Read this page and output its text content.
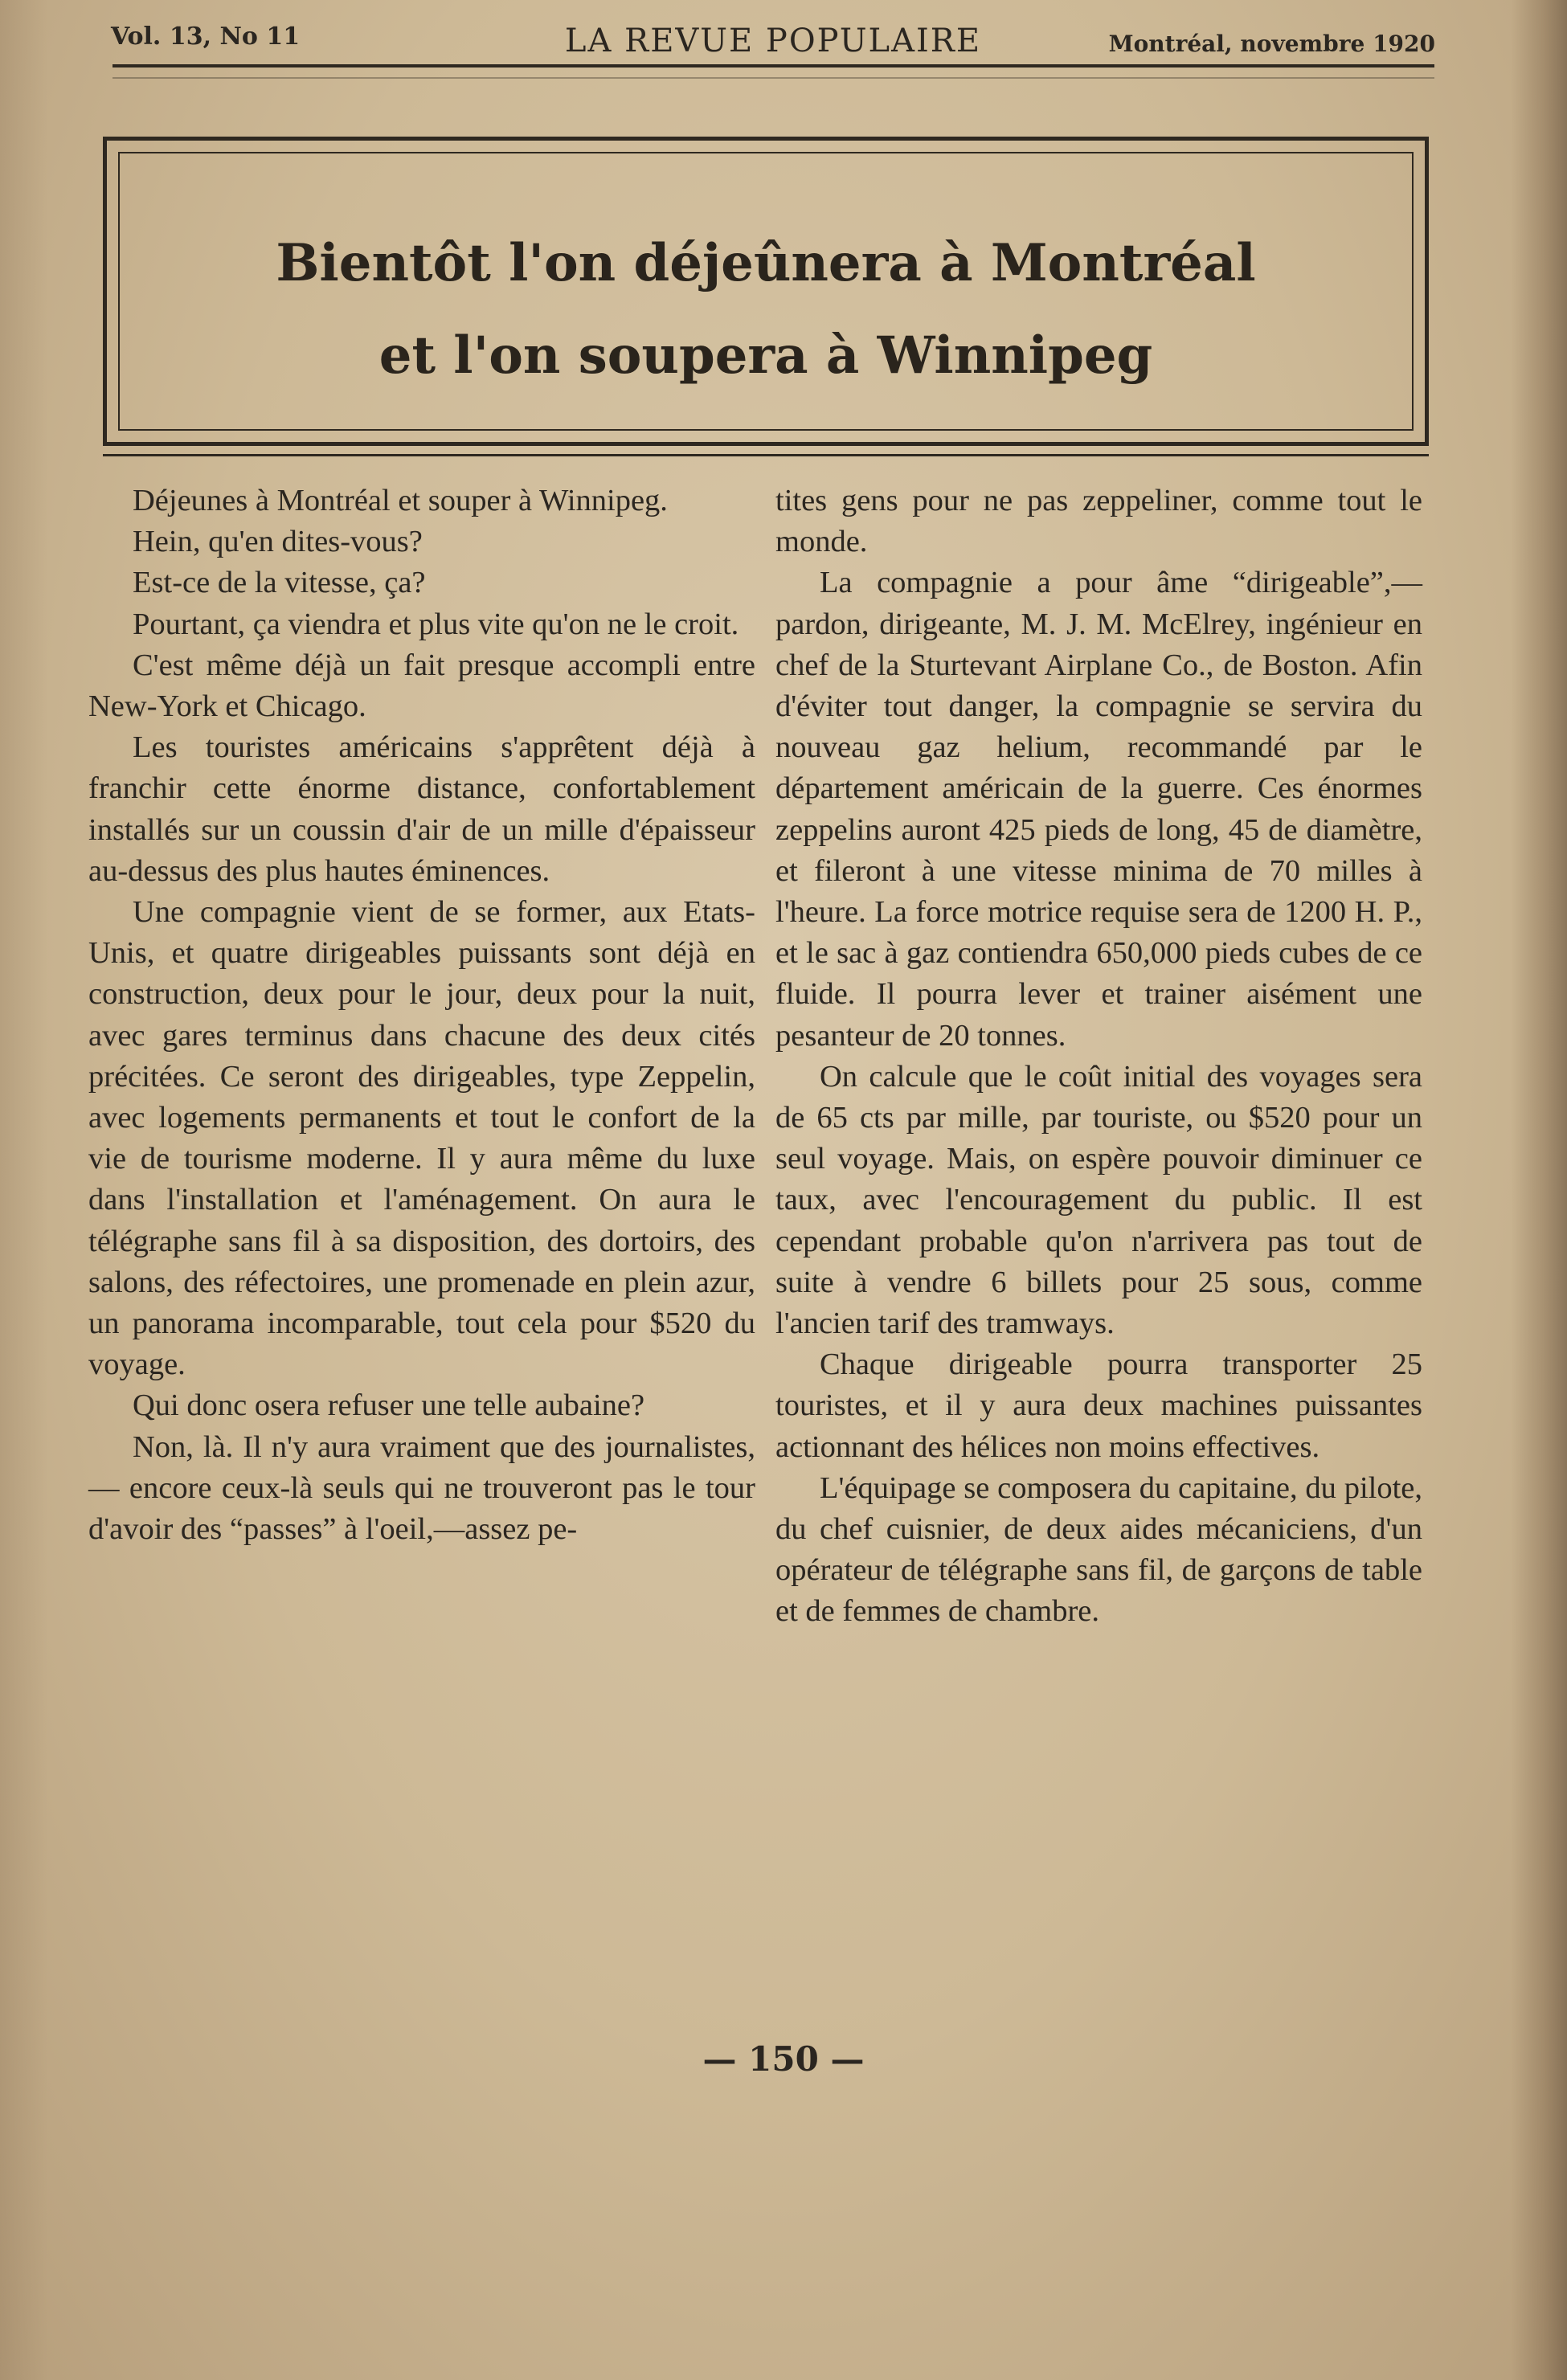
Vol. 13, No 11	LA REVUE POPULAIRE	Montréal, novembre 1920
Bientôt l'on déjeûnera à Montréal
et l'on soupera à Winnipeg

Déjeunes à Montréal et souper à Winnipeg.

Hein, qu'en dites-vous?

Est-ce de la vitesse, ça?

Pourtant, ça viendra et plus vite qu'on ne le croit.

C'est même déjà un fait presque accompli entre New-York et Chicago.

Les touristes américains s'apprêtent déjà à franchir cette énorme distance, confortablement installés sur un coussin d'air de un mille d'épaisseur au-dessus des plus hautes éminences.

Une compagnie vient de se former, aux Etats-Unis, et quatre dirigeables puissants sont déjà en construction, deux pour le jour, deux pour la nuit, avec gares terminus dans chacune des deux cités précitées. Ce seront des dirigeables, type Zeppelin, avec logements permanents et tout le confort de la vie de tourisme moderne. Il y aura même du luxe dans l'installation et l'aménagement. On aura le télégraphe sans fil à sa disposition, des dortoirs, des salons, des réfectoires, une promenade en plein azur, un panorama incomparable, tout cela pour $520 du voyage.

Qui donc osera refuser une telle aubaine?

Non, là. Il n'y aura vraiment que des journalistes, — encore ceux-là seuls qui ne trouveront pas le tour d'avoir des “passes” à l'oeil,—assez pe-

tites gens pour ne pas zeppeliner, comme tout le monde.

La compagnie a pour âme “dirigeable”,—pardon, dirigeante, M. J. M. McElrey, ingénieur en chef de la Sturtevant Airplane Co., de Boston. Afin d'éviter tout danger, la compagnie se servira du nouveau gaz helium, recommandé par le département américain de la guerre. Ces énormes zeppelins auront 425 pieds de long, 45 de diamètre, et fileront à une vitesse minima de 70 milles à l'heure. La force motrice requise sera de 1200 H. P., et le sac à gaz contiendra 650,000 pieds cubes de ce fluide. Il pourra lever et trainer aisément une pesanteur de 20 tonnes.

On calcule que le coût initial des voyages sera de 65 cts par mille, par touriste, ou $520 pour un seul voyage. Mais, on espère pouvoir diminuer ce taux, avec l'encouragement du public. Il est cependant probable qu'on n'arrivera pas tout de suite à vendre 6 billets pour 25 sous, comme l'ancien tarif des tramways.

Chaque dirigeable pourra transporter 25 touristes, et il y aura deux machines puissantes actionnant des hélices non moins effectives.

L'équipage se composera du capitaine, du pilote, du chef cuisnier, de deux aides mécaniciens, d'un opérateur de télégraphe sans fil, de garçons de table et de femmes de chambre.

— 150 —
